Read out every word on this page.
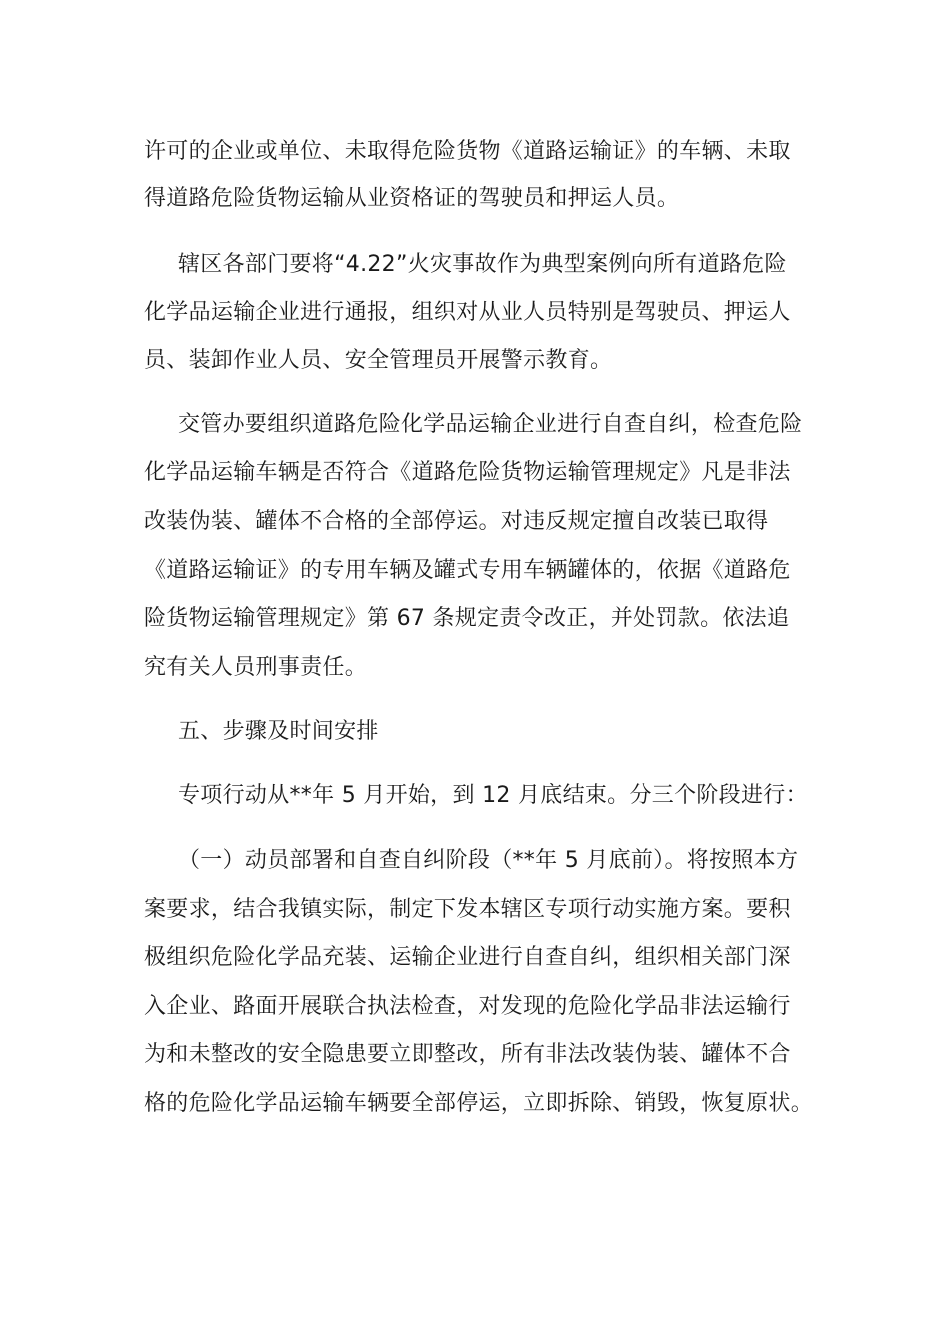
许可的企业或单位、未取得危险货物《道路运输证》的车辆、未取
得道路危险货物运输从业资格证的驾驶员和押运人员。
辖区各部门要将“4.22”火灾事故作为典型案例向所有道路危险
化学品运输企业进行通报，组织对从业人员特别是驾驶员、押运人
员、装卸作业人员、安全管理员开展警示教育。
交管办要组织道路危险化学品运输企业进行自查自纠，检查危险
化学品运输车辆是否符合《道路危险货物运输管理规定》凡是非法
改装伪装、罐体不合格的全部停运。对违反规定擅自改装已取得
《道路运输证》的专用车辆及罐式专用车辆罐体的，依据《道路危
险货物运输管理规定》第 67 条规定责令改正，并处罚款。依法追
究有关人员刑事责任。
五、步骤及时间安排
专项行动从**年 5 月开始，到 12 月底结束。分三个阶段进行：
（一）动员部署和自查自纠阶段（**年 5 月底前）。将按照本方
案要求，结合我镇实际，制定下发本辖区专项行动实施方案。要积
极组织危险化学品充装、运输企业进行自查自纠，组织相关部门深
入企业、路面开展联合执法检查，对发现的危险化学品非法运输行
为和未整改的安全隐患要立即整改，所有非法改装伪装、罐体不合
格的危险化学品运输车辆要全部停运，立即拆除、销毁，恢复原状。
